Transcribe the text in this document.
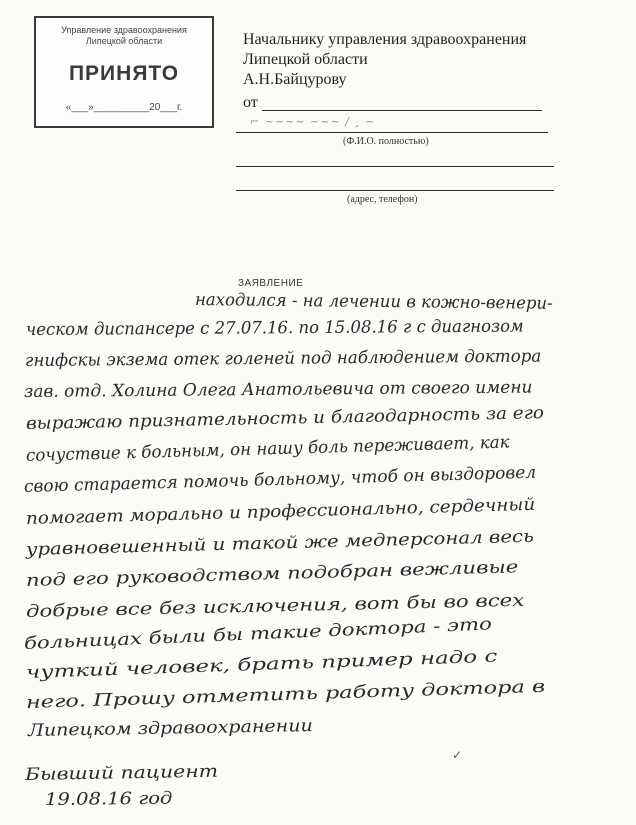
Управление здравоохранения
Липецкой области
ПРИНЯТО
«___»__________20___г.
Начальнику управления здравоохранения
Липецкой области
А.Н.Байцурову
от
⌐ ~~~~ ~~~ / ¸ ~
(Ф.И.О. полностью)
(адрес, телефон)
ЗАЯВЛЕНИЕ
находился - на лечении в кожно-венери-
ческом диспансере с 27.07.16. по 15.08.16 г с диагнозом
гнифскы экзема отек голеней под наблюдением доктора
зав. отд. Холина Олега Анатольевича от своего имени
выражаю признательность и благодарность за его
сочуствие к больным, он нашу боль переживает, как
свою старается помочь больному, чтоб он выздоровел
помогает морально и профессионально, сердечный
уравновешенный и такой же медперсонал весь
под его руководством подобран вежливые
добрые все без исключения, вот бы во всех
больницах были бы такие доктора - это
чуткий человек, брать пример надо с
него. Прошу отметить работу доктора в
Липецком здравоохранении
✓
Бывший пациент
19.08.16 год
